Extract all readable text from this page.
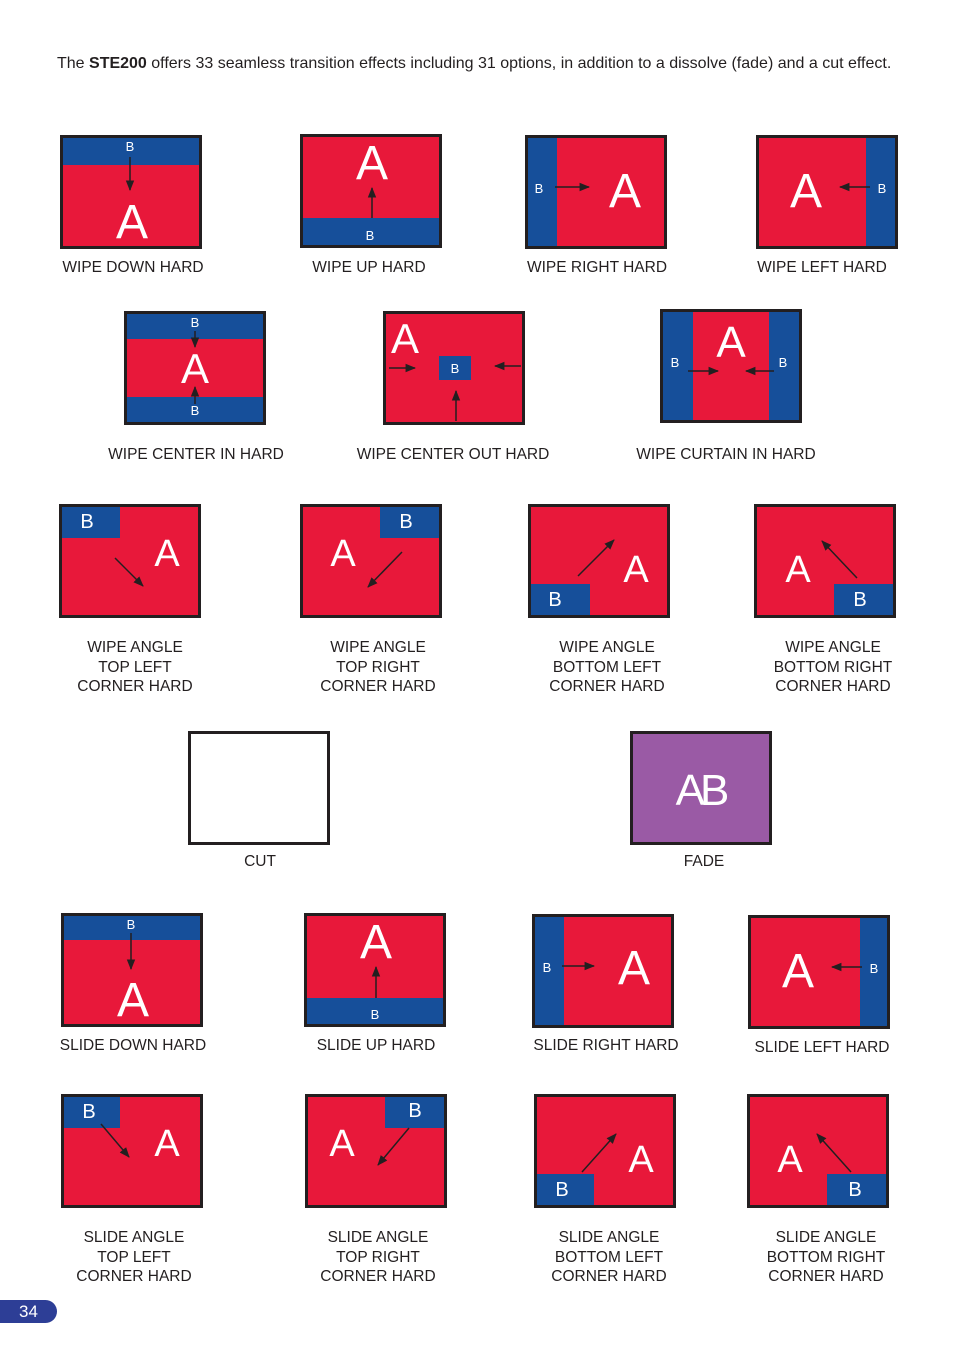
The STE200 offers 33 seamless transition effects including 31 options, in addition to a dissolve (fade) and a cut effect.
B
A
WIPE DOWN HARD
B
A
WIPE UP HARD
B A
WIPE RIGHT HARD
B
A
WIPE LEFT HARD
B
B
A
WIPE CENTER IN HARD
B
A
WIPE CENTER OUT HARD
B	B
A
WIPE CURTAIN IN HARD
B
A
WIPE ANGLE
TOP LEFT
CORNER HARD
B
A
WIPE ANGLE
TOP RIGHT
CORNER HARD
B
A
WIPE ANGLE
BOTTOM LEFT
CORNER HARD
B
A
WIPE ANGLE
BOTTOM RIGHT
CORNER HARD
CUT
AB
FADE
B
A
SLIDE DOWN HARD
B
A
SLIDE UP HARD
B A
SLIDE RIGHT HARD
B
A
SLIDE LEFT HARD
B
A
SLIDE ANGLE
TOP LEFT
CORNER HARD
B
A
SLIDE ANGLE
TOP RIGHT
CORNER HARD
B
A
SLIDE ANGLE
BOTTOM LEFT
CORNER HARD
B
A
SLIDE ANGLE
BOTTOM RIGHT
CORNER HARD
34
